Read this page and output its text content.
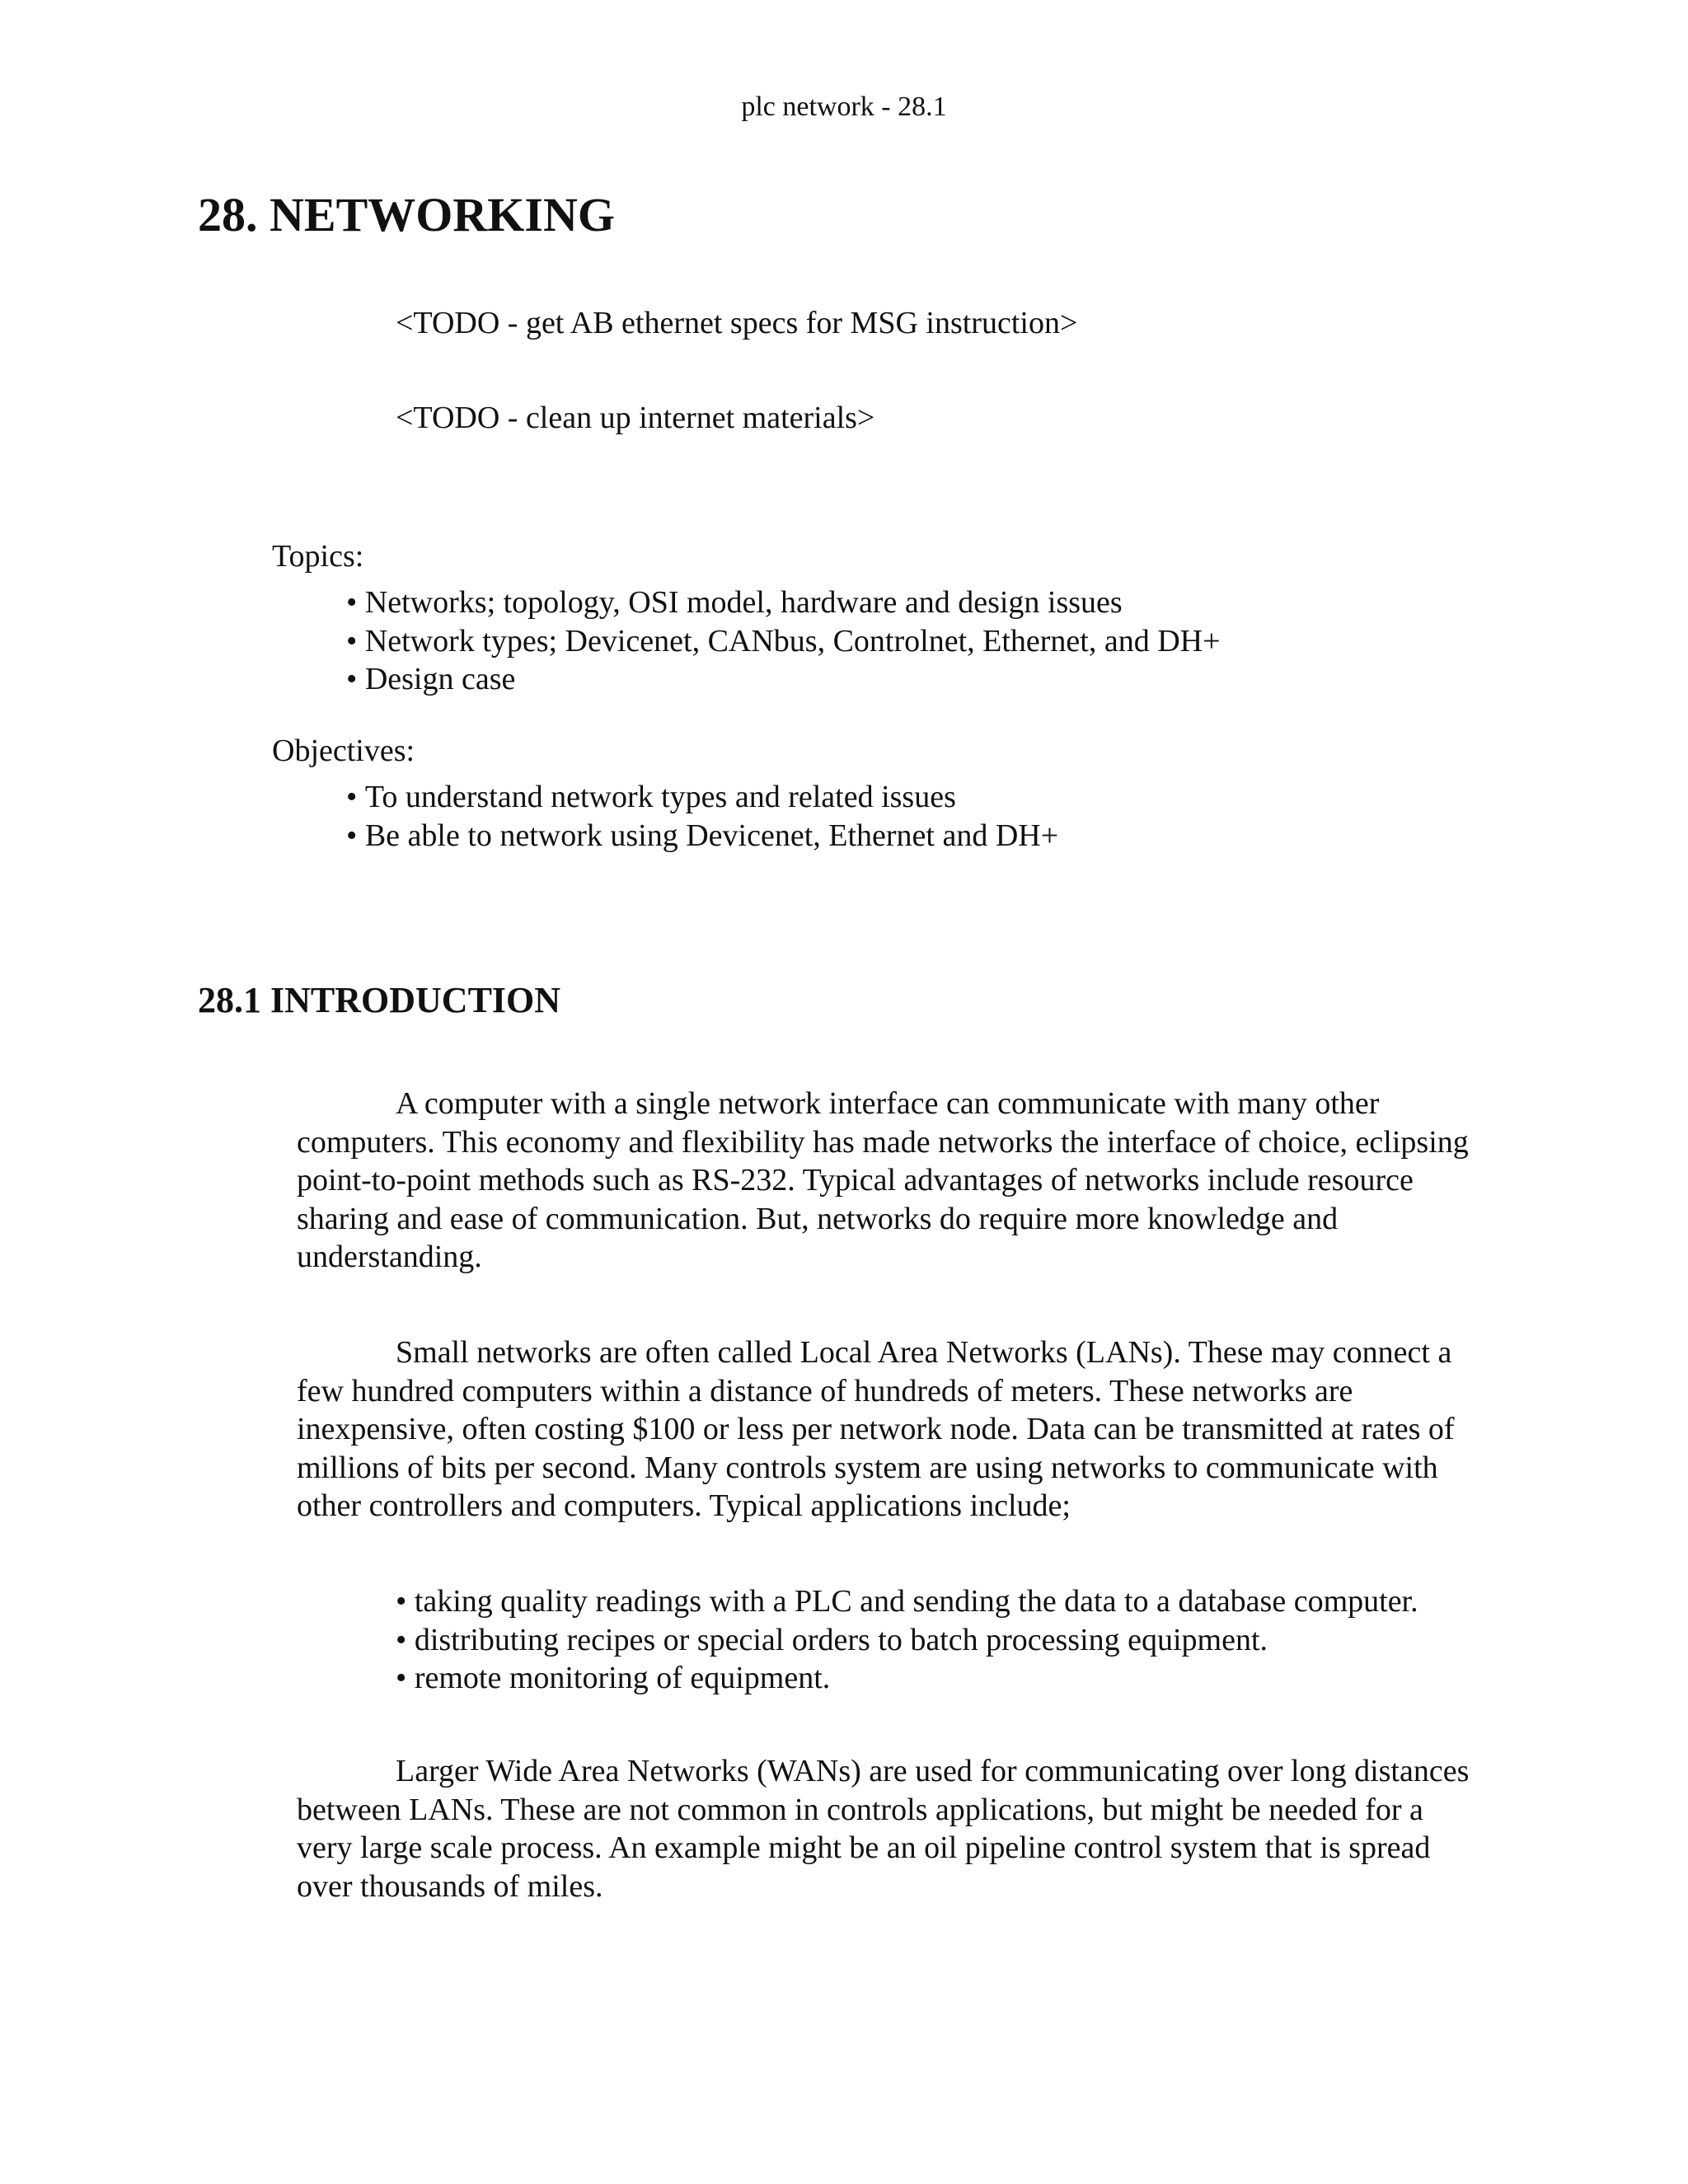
plc network - 28.1
28. NETWORKING

<TODO - get AB ethernet specs for MSG instruction>

<TODO - clean up internet materials>

Topics:

• Networks; topology, OSI model, hardware and design issues
• Network types; Devicenet, CANbus, Controlnet, Ethernet, and DH+
• Design case

Objectives:

• To understand network types and related issues
• Be able to network using Devicenet, Ethernet and DH+
28.1 INTRODUCTION

A computer with a single network interface can communicate with many other computers. This economy and flexibility has made networks the interface of choice, eclipsing point-to-point methods such as RS-232. Typical advantages of networks include resource sharing and ease of communication. But, networks do require more knowledge and understanding.

Small networks are often called Local Area Networks (LANs). These may connect a few hundred computers within a distance of hundreds of meters. These networks are inexpensive, often costing $100 or less per network node. Data can be transmitted at rates of millions of bits per second. Many controls system are using networks to communicate with other controllers and computers. Typical applications include;

• taking quality readings with a PLC and sending the data to a database computer.
• distributing recipes or special orders to batch processing equipment.
• remote monitoring of equipment.

Larger Wide Area Networks (WANs) are used for communicating over long distances between LANs. These are not common in controls applications, but might be needed for a very large scale process. An example might be an oil pipeline control system that is spread over thousands of miles.
